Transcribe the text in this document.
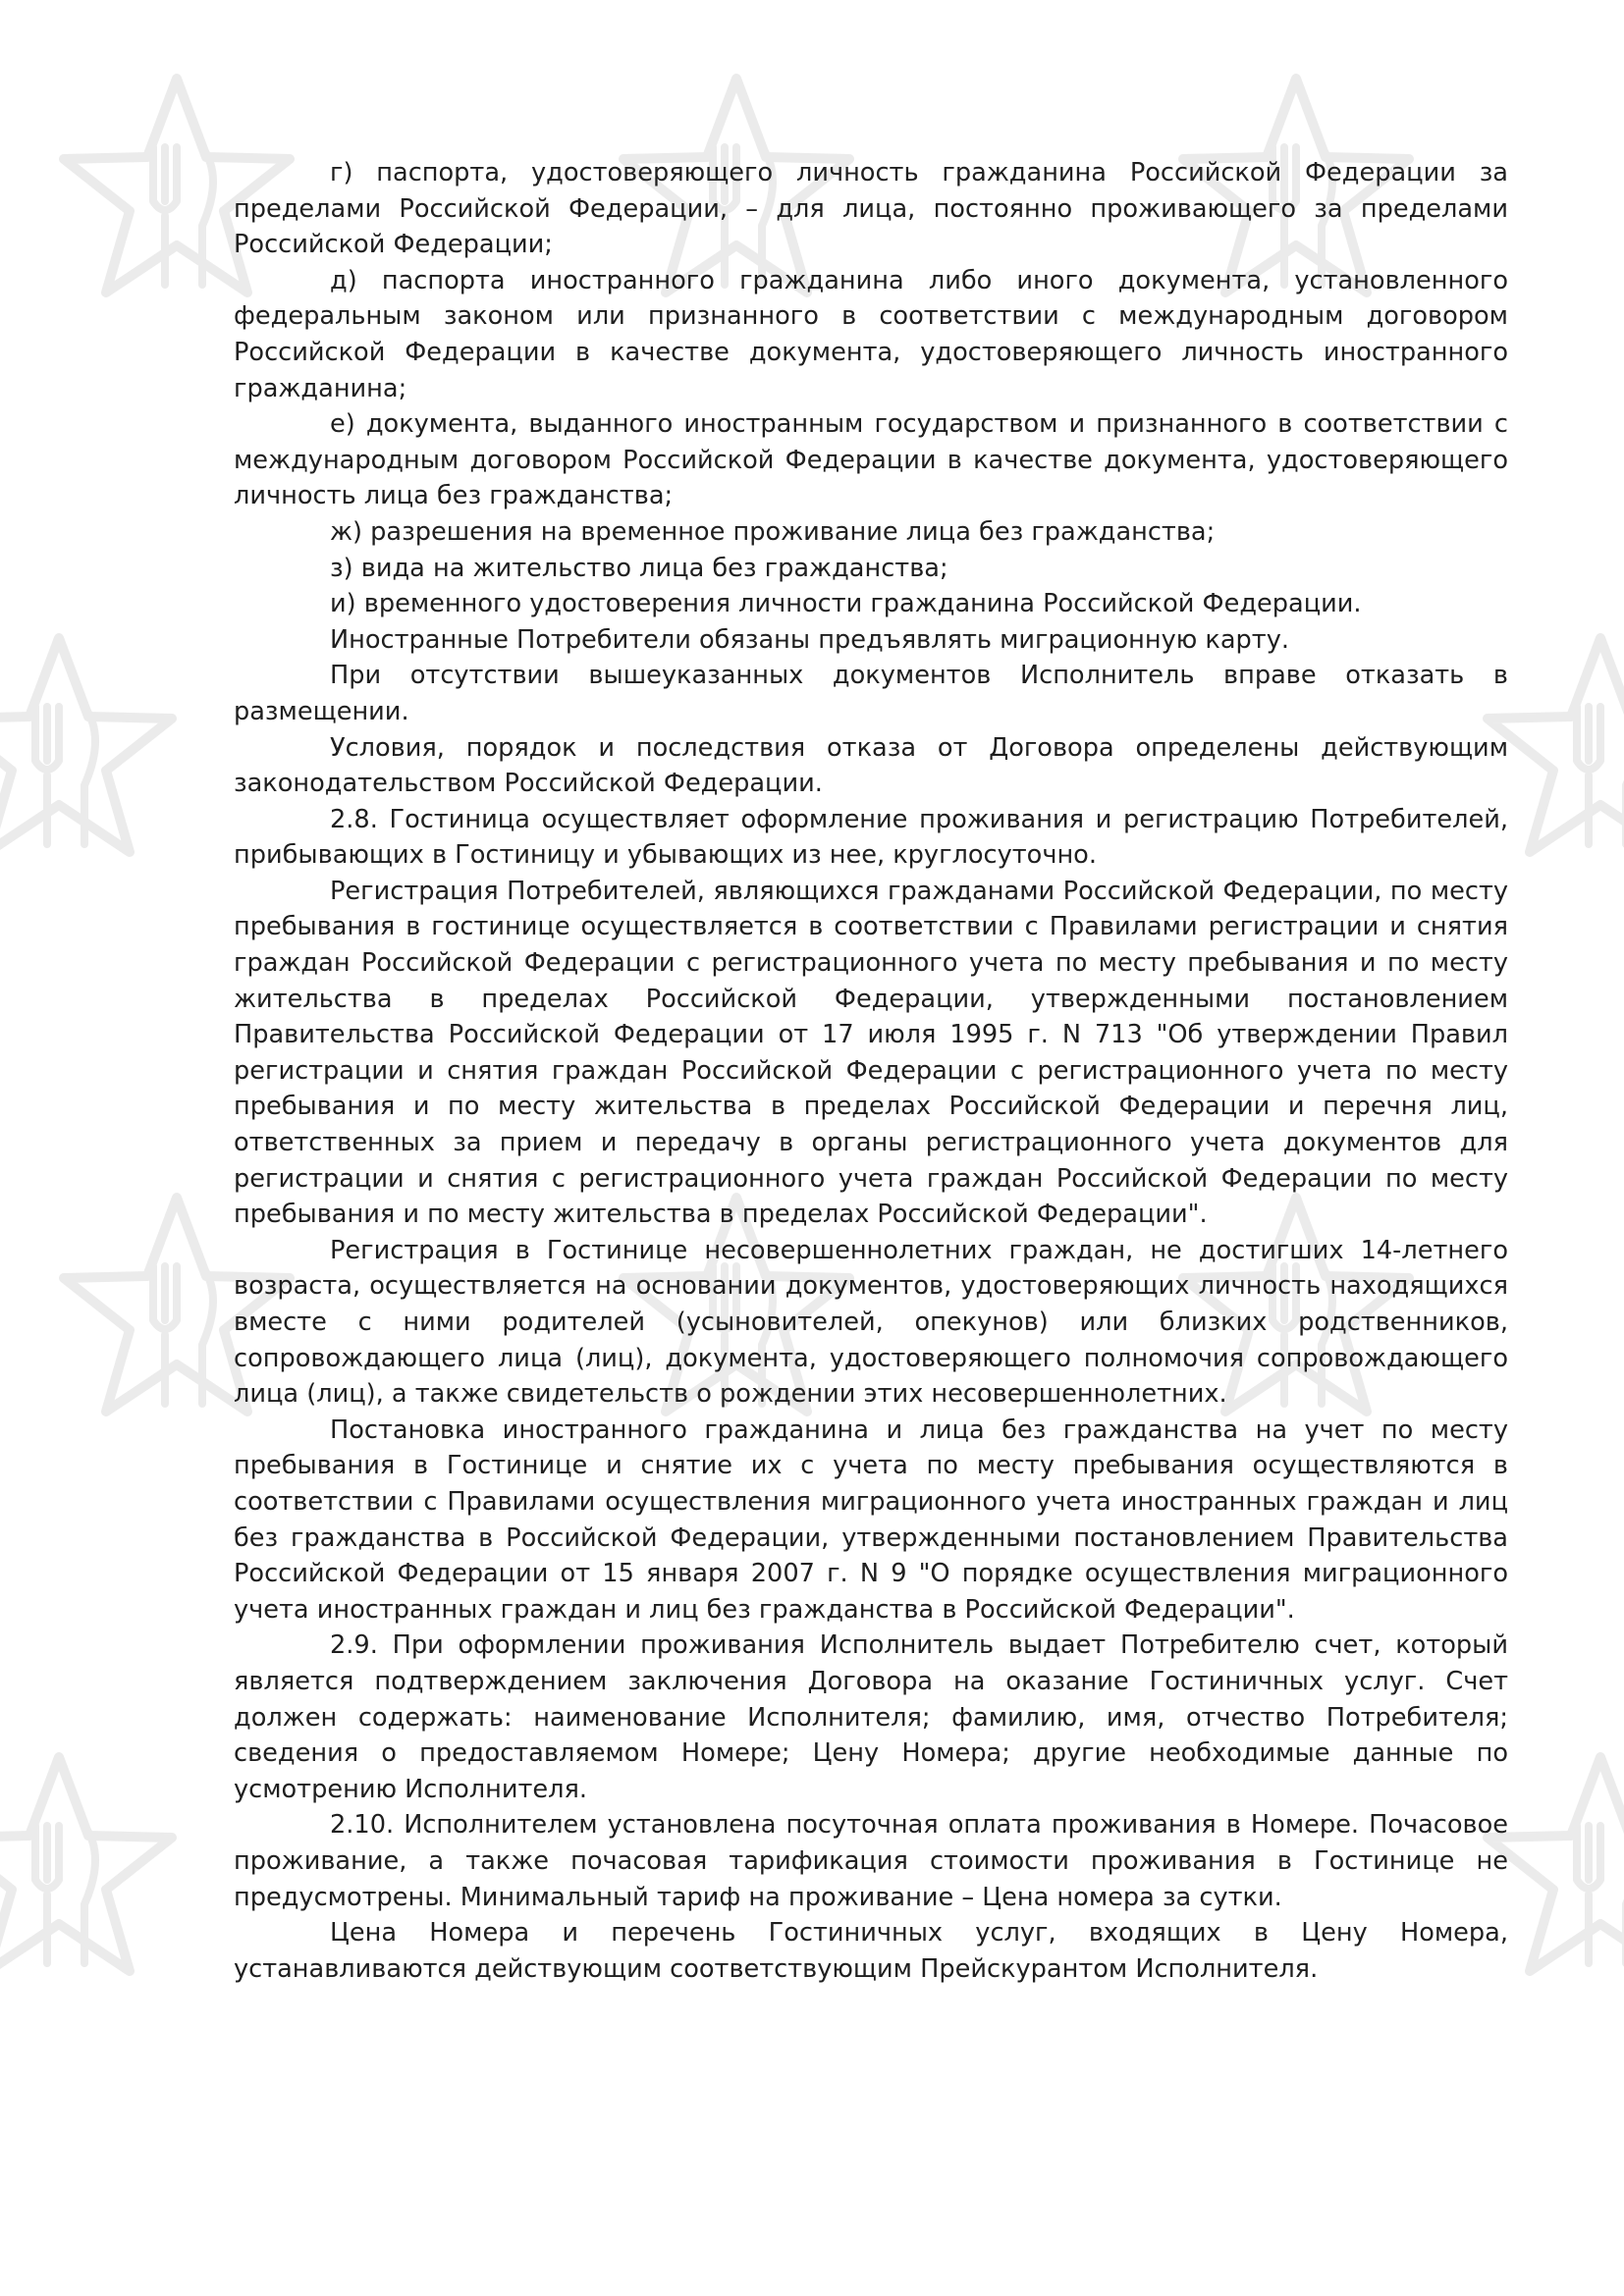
г) паспорта, удостоверяющего личность гражданина Российской Федерации за пределами Российской Федерации, – для лица, постоянно проживающего за пределами Российской Федерации;

д) паспорта иностранного гражданина либо иного документа, установленного федеральным законом или признанного в соответствии с международным договором Российской Федерации в качестве документа, удостоверяющего личность иностранного гражданина;

е) документа, выданного иностранным государством и признанного в соответствии с международным договором Российской Федерации в качестве документа, удостоверяющего личность лица без гражданства;

ж) разрешения на временное проживание лица без гражданства;

з) вида на жительство лица без гражданства;

и) временного удостоверения личности гражданина Российской Федерации.

Иностранные Потребители обязаны предъявлять миграционную карту.

При отсутствии вышеуказанных документов Исполнитель вправе отказать в размещении.

Условия, порядок и последствия отказа от Договора определены действующим законодательством Российской Федерации.

2.8. Гостиница осуществляет оформление проживания и регистрацию Потребителей, прибывающих в Гостиницу и убывающих из нее, круглосуточно.

Регистрация Потребителей, являющихся гражданами Российской Федерации, по месту пребывания в гостинице осуществляется в соответствии с Правилами регистрации и снятия граждан Российской Федерации с регистрационного учета по месту пребывания и по месту жительства в пределах Российской Федерации, утвержденными постановлением Правительства Российской Федерации от 17 июля 1995 г. N 713 "Об утверждении Правил регистрации и снятия граждан Российской Федерации с регистрационного учета по месту пребывания и по месту жительства в пределах Российской Федерации и перечня лиц, ответственных за прием и передачу в органы регистрационного учета документов для регистрации и снятия с регистрационного учета граждан Российской Федерации по месту пребывания и по месту жительства в пределах Российской Федерации".

Регистрация в Гостинице несовершеннолетних граждан, не достигших 14-летнего возраста, осуществляется на основании документов, удостоверяющих личность находящихся вместе с ними родителей (усыновителей, опекунов) или близких родственников, сопровождающего лица (лиц), документа, удостоверяющего полномочия сопровождающего лица (лиц), а также свидетельств о рождении этих несовершеннолетних.

Постановка иностранного гражданина и лица без гражданства на учет по месту пребывания в Гостинице и снятие их с учета по месту пребывания осуществляются в соответствии с Правилами осуществления миграционного учета иностранных граждан и лиц без гражданства в Российской Федерации, утвержденными постановлением Правительства Российской Федерации от 15 января 2007 г. N 9 "О порядке осуществления миграционного учета иностранных граждан и лиц без гражданства в Российской Федерации".

2.9. При оформлении проживания Исполнитель выдает Потребителю счет, который является подтверждением заключения Договора на оказание Гостиничных услуг. Счет должен содержать: наименование Исполнителя; фамилию, имя, отчество Потребителя; сведения о предоставляемом Номере; Цену Номера; другие необходимые данные по усмотрению Исполнителя.

2.10. Исполнителем установлена посуточная оплата проживания в Номере. Почасовое проживание, а также почасовая тарификация стоимости проживания в Гостинице не предусмотрены. Минимальный тариф на проживание – Цена номера за сутки.

Цена Номера и перечень Гостиничных услуг, входящих в Цену Номера, устанавливаются действующим соответствующим Прейскурантом Исполнителя.
